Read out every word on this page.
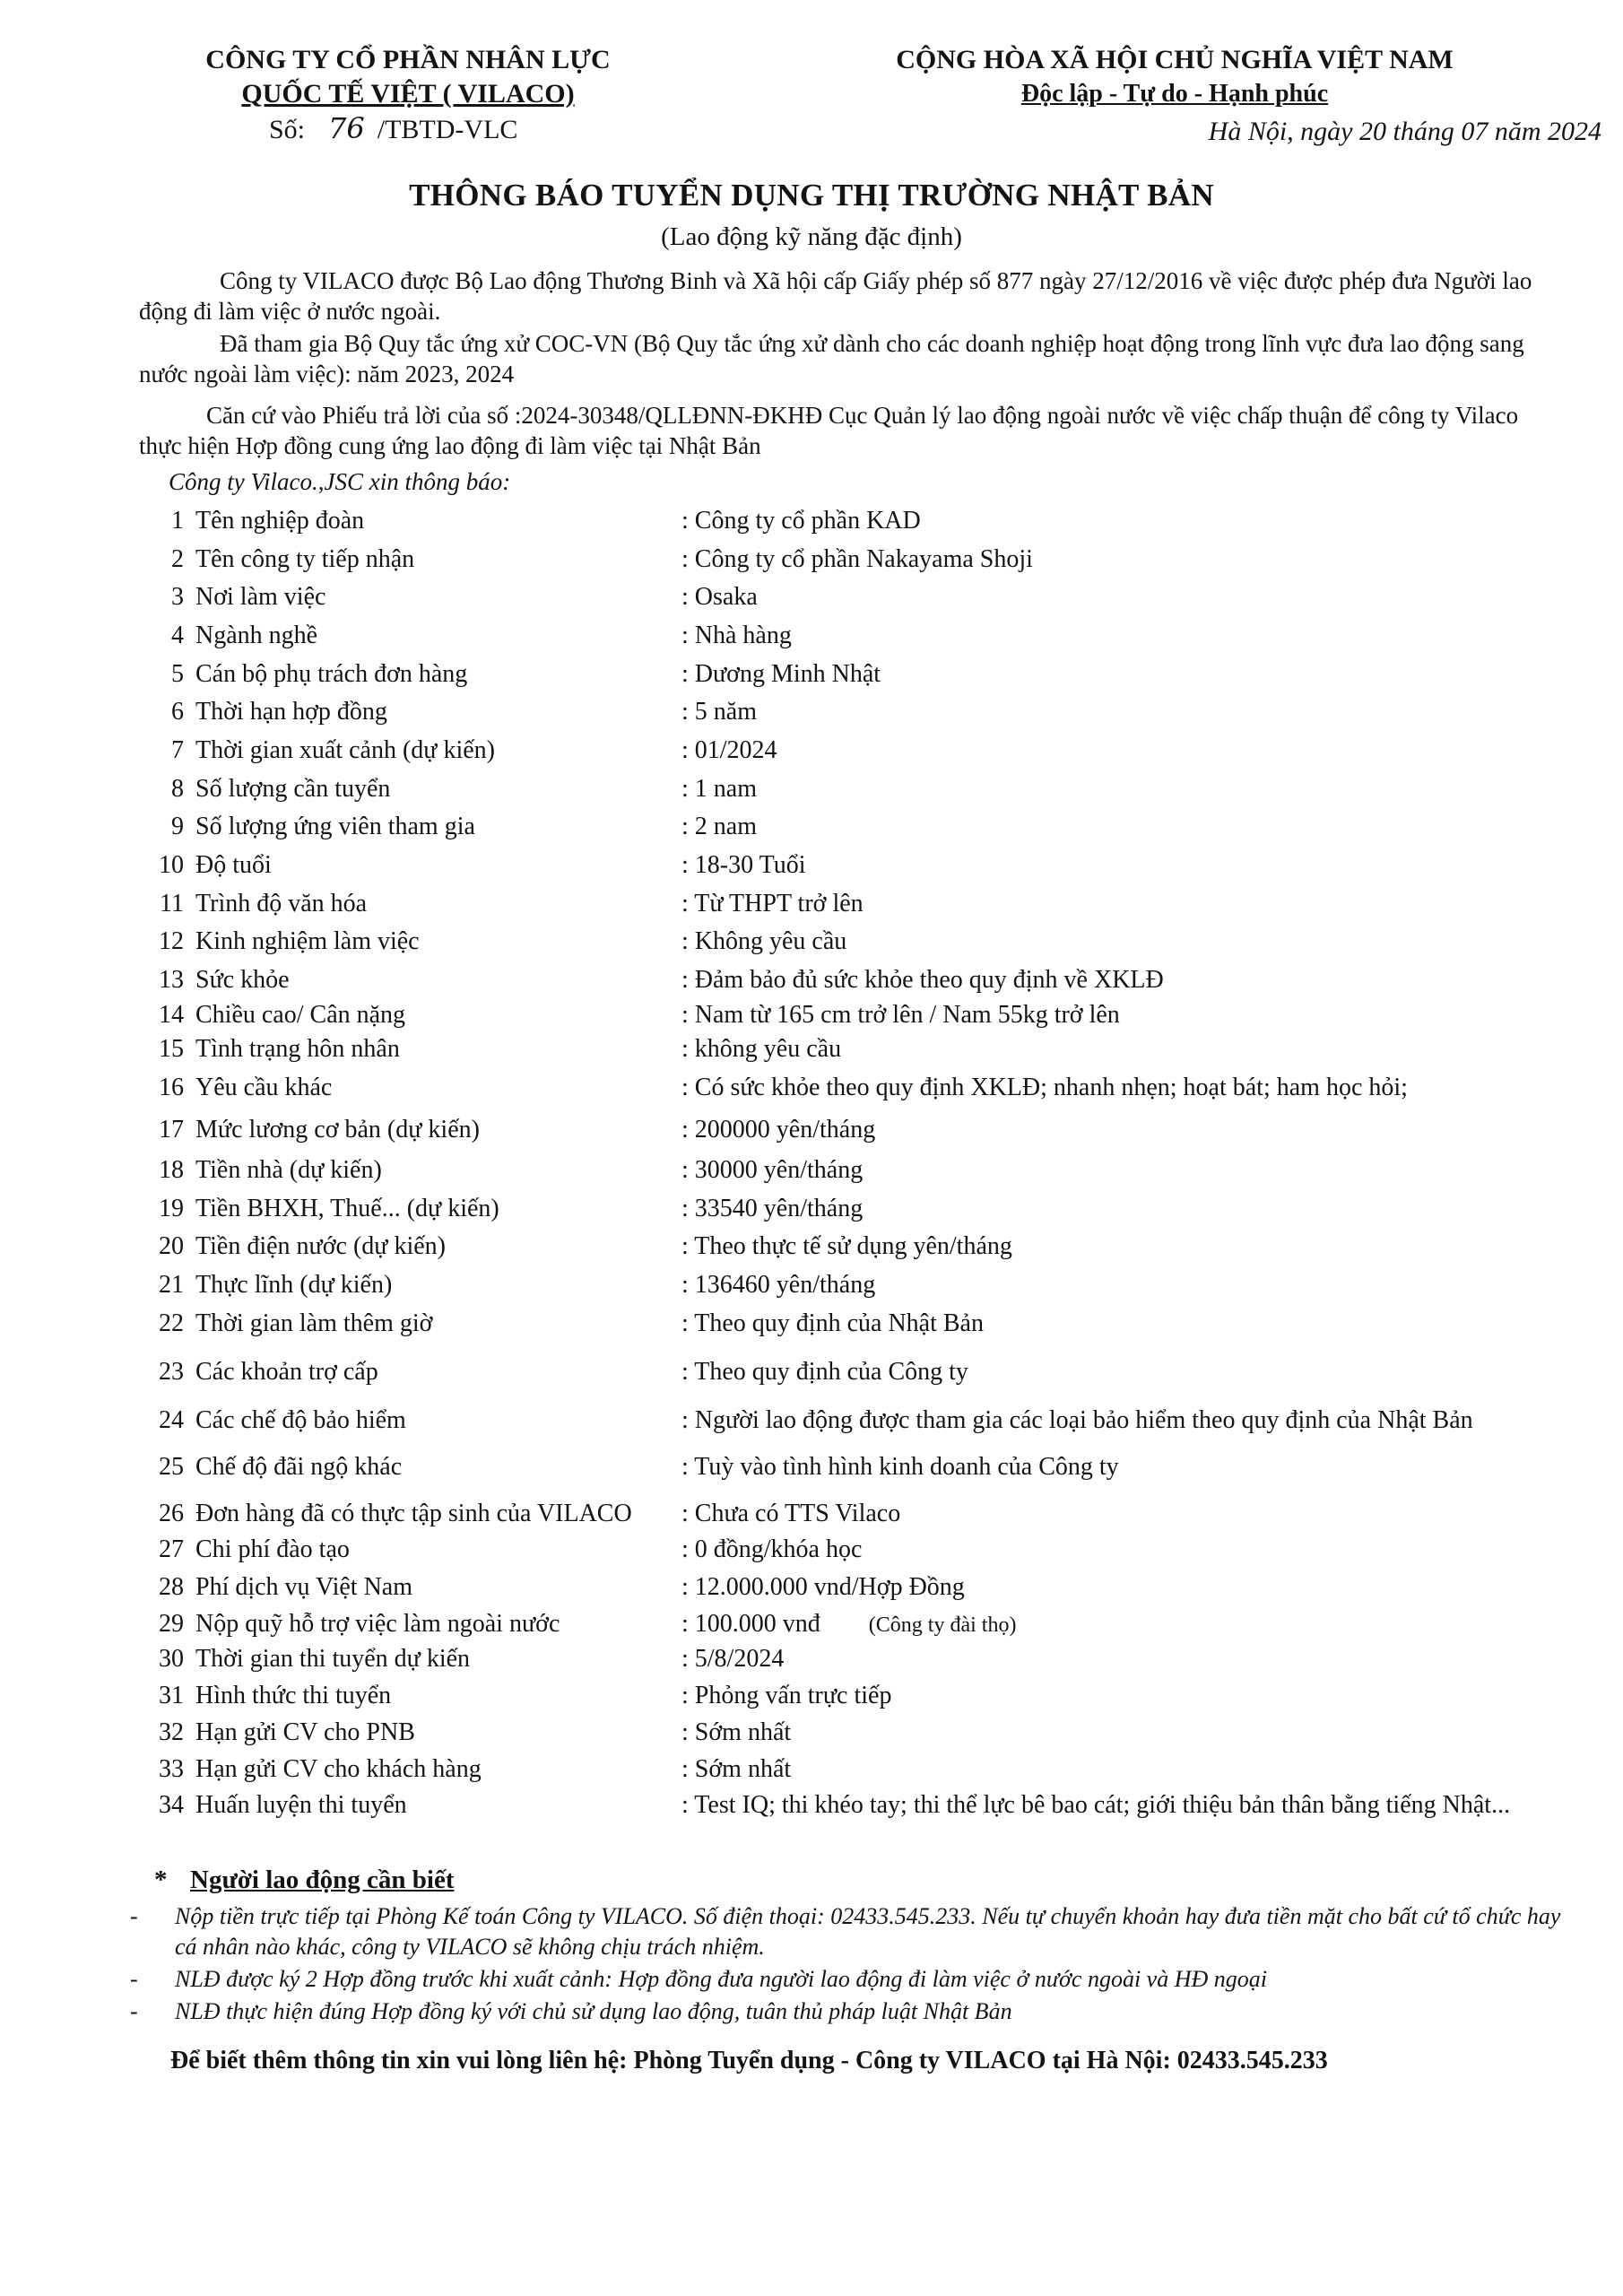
CÔNG TY CỔ PHẦN NHÂN LỰC
QUỐC TẾ VIỆT ( VILACO)
Số: 76 /TBTD-VLC
CỘNG HÒA XÃ HỘI CHỦ NGHĨA VIỆT NAM
Độc lập - Tự do - Hạnh phúc
Hà Nội, ngày 20 tháng 07 năm 2024
THÔNG BÁO TUYỂN DỤNG THỊ TRƯỜNG NHẬT BẢN
(Lao động kỹ năng đặc định)
Công ty VILACO được Bộ Lao động Thương Binh và Xã hội cấp Giấy phép số 877 ngày 27/12/2016 về việc được phép đưa Người lao động đi làm việc ở nước ngoài.
Đã tham gia Bộ Quy tắc ứng xử COC-VN (Bộ Quy tắc ứng xử dành cho các doanh nghiệp hoạt động trong lĩnh vực đưa lao động sang nước ngoài làm việc): năm 2023, 2024
Căn cứ vào Phiếu trả lời của số :2024-30348/QLLĐNN-ĐKHĐ Cục Quản lý lao động ngoài nước về việc chấp thuận để công ty Vilaco thực hiện Hợp đồng cung ứng lao động đi làm việc tại Nhật Bản
Công ty Vilaco.,JSC xin thông báo:
1 Tên nghiệp đoàn	: Công ty cổ phần KAD
2 Tên công ty tiếp nhận	: Công ty cổ phần Nakayama Shoji
3 Nơi làm việc	: Osaka
4 Ngành nghề	: Nhà hàng
5 Cán bộ phụ trách đơn hàng	: Dương Minh Nhật
6 Thời hạn hợp đồng	: 5 năm
7 Thời gian xuất cảnh (dự kiến)	: 01/2024
8 Số lượng cần tuyển	: 1 nam
9 Số lượng ứng viên tham gia	: 2 nam
10 Độ tuổi	: 18-30 Tuổi
11 Trình độ văn hóa	: Từ THPT trở lên
12 Kinh nghiệm làm việc	: Không yêu cầu
13 Sức khỏe	: Đảm bảo đủ sức khỏe theo quy định về XKLĐ
14 Chiều cao/ Cân nặng	: Nam từ 165 cm trở lên / Nam 55kg trở lên
15 Tình trạng hôn nhân	: không yêu cầu
16 Yêu cầu khác	: Có sức khỏe theo quy định XKLĐ; nhanh nhẹn; hoạt bát; ham học hỏi;
17 Mức lương cơ bản (dự kiến)	: 200000 yên/tháng
18 Tiền nhà (dự kiến)	: 30000 yên/tháng
19 Tiền BHXH, Thuế... (dự kiến)	: 33540 yên/tháng
20 Tiền điện nước (dự kiến)	: Theo thực tế sử dụng yên/tháng
21 Thực lĩnh (dự kiến)	: 136460 yên/tháng
22 Thời gian làm thêm giờ	: Theo quy định của Nhật Bản
23 Các khoản trợ cấp	: Theo quy định của Công ty
24 Các chế độ bảo hiểm	: Người lao động được tham gia các loại bảo hiểm theo quy định của Nhật Bản
25 Chế độ đãi ngộ khác	: Tuỳ vào tình hình kinh doanh của Công ty
26 Đơn hàng đã có thực tập sinh của VILACO : Chưa có TTS Vilaco
27 Chi phí đào tạo	: 0 đồng/khóa học
28 Phí dịch vụ Việt Nam	: 12.000.000 vnd/Hợp Đồng
29 Nộp quỹ hỗ trợ việc làm ngoài nước	: 100.000 vnđ (Công ty đài thọ)
30 Thời gian thi tuyển dự kiến	: 5/8/2024
31 Hình thức thi tuyển	: Phỏng vấn trực tiếp
32 Hạn gửi CV cho PNB	: Sớm nhất
33 Hạn gửi CV cho khách hàng	: Sớm nhất
34 Huấn luyện thi tuyển	: Test IQ; thi khéo tay; thi thể lực bê bao cát; giới thiệu bản thân bằng tiếng Nhật...
* Người lao động cần biết
- Nộp tiền trực tiếp tại Phòng Kế toán Công ty VILACO. Số điện thoại: 02433.545.233. Nếu tự chuyển khoản hay đưa tiền mặt cho bất cứ tổ chức hay cá nhân nào khác, công ty VILACO sẽ không chịu trách nhiệm.
- NLĐ được ký 2 Hợp đồng trước khi xuất cảnh: Hợp đồng đưa người lao động đi làm việc ở nước ngoài và HĐ ngoại
- NLĐ thực hiện đúng Hợp đồng ký với chủ sử dụng lao động, tuân thủ pháp luật Nhật Bản
Để biết thêm thông tin xin vui lòng liên hệ: Phòng Tuyển dụng - Công ty VILACO tại Hà Nội: 02433.545.233
